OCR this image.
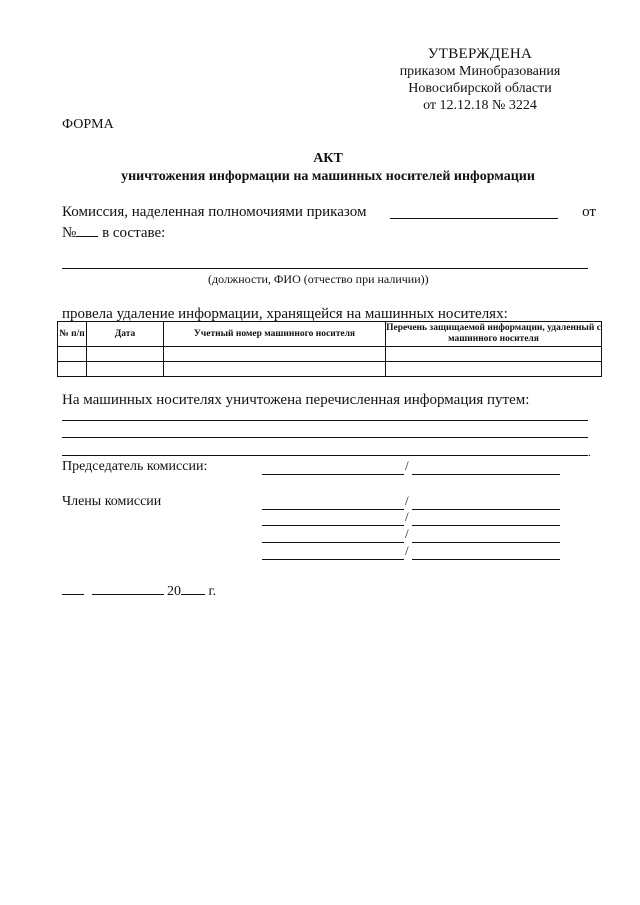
УТВЕРЖДЕНА
приказом Минобразования
Новосибирской области
от 12.12.18 № 3224
ФОРМА
АКТ
уничтожения информации на машинных носителей информации
Комиссия, наделенная полномочиями приказом	от
№ в составе:
(должности, ФИО (отчество при наличии))
провела удаление информации, хранящейся на машинных носителях:
№ п/п	Дата	Учетный номер машинного носителя	Перечень защищаемой информации, удаленный с машинного носителя

На машинных носителях уничтожена перечисленная информация путем:
.
Председатель комиссии:	/
Члены комиссии	/
/
/
/
20 г.
